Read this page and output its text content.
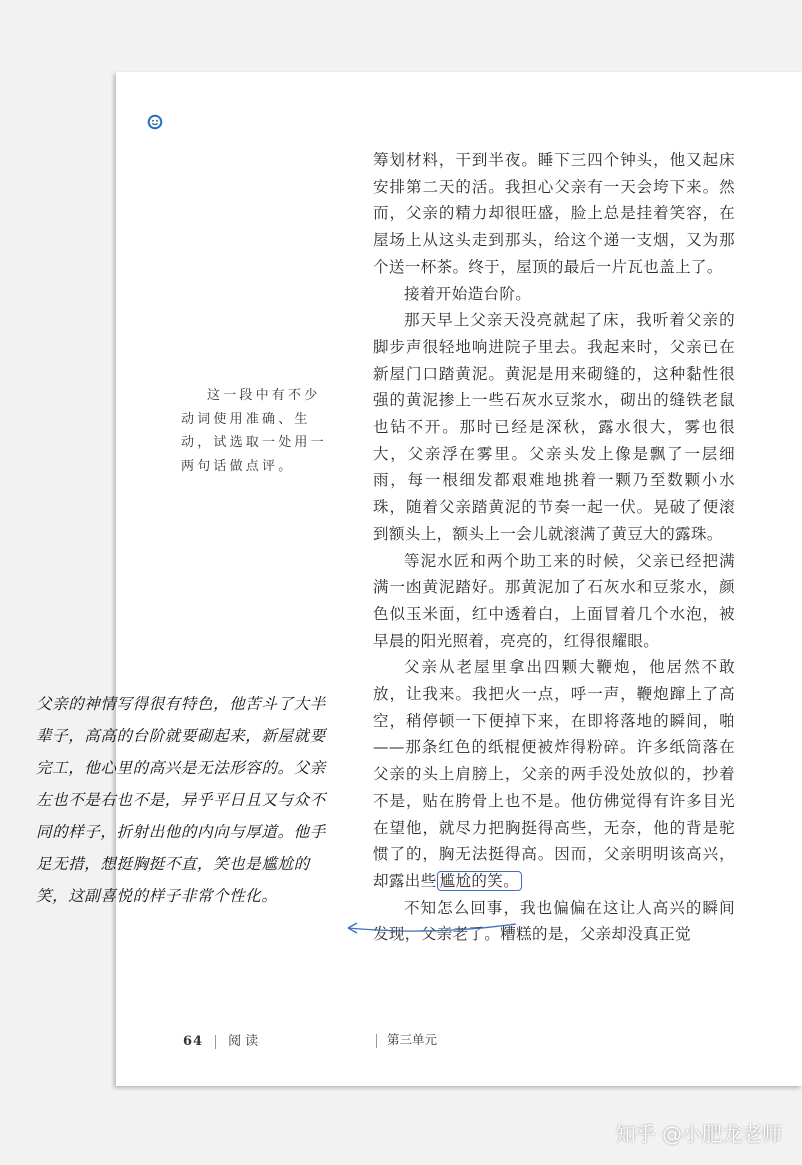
筹划材料，干到半夜。睡下三四个钟头，他又起床安排第二天的活。我担心父亲有一天会垮下来。然而，父亲的精力却很旺盛，脸上总是挂着笑容，在屋场上从这头走到那头，给这个递一支烟，又为那个送一杯茶。终于，屋顶的最后一片瓦也盖上了。

接着开始造台阶。

那天早上父亲天没亮就起了床，我听着父亲的脚步声很轻地响进院子里去。我起来时，父亲已在新屋门口踏黄泥。黄泥是用来砌缝的，这种黏性很强的黄泥掺上一些石灰水豆浆水，砌出的缝铁老鼠也钻不开。那时已经是深秋，露水很大，雾也很大，父亲浮在雾里。父亲头发上像是飘了一层细雨，每一根细发都艰难地挑着一颗乃至数颗小水珠，随着父亲踏黄泥的节奏一起一伏。晃破了便滚到额头上，额头上一会儿就滚满了黄豆大的露珠。

等泥水匠和两个助工来的时候，父亲已经把满满一凼黄泥踏好。那黄泥加了石灰水和豆浆水，颜色似玉米面，红中透着白，上面冒着几个水泡，被早晨的阳光照着，亮亮的，红得很耀眼。

父亲从老屋里拿出四颗大鞭炮，他居然不敢放，让我来。我把火一点，呼一声，鞭炮蹿上了高空，稍停顿一下便掉下来，在即将落地的瞬间，啪——那条红色的纸棍便被炸得粉碎。许多纸筒落在父亲的头上肩膀上，父亲的两手没处放似的，抄着不是，贴在胯骨上也不是。他仿佛觉得有许多目光在望他，就尽力把胸挺得高些，无奈，他的背是驼惯了的，胸无法挺得高。因而，父亲明明该高兴，却露出些 尴尬的笑。

不知怎么回事，我也偏偏在这让人高兴的瞬间发现，父亲老了。糟糕的是，父亲却没真正觉

这一段中有不少动词使用准确、生动，试选取一处用一两句话做点评。
父亲的神情写得很有特色，他苦斗了大半辈子，高高的台阶就要砌起来，新屋就要完工，他心里的高兴是无法形容的。父亲左也不是右也不是，异乎平日且又与众不同的样子，折射出他的内向与厚道。他手足无措，想挺胸挺不直，笑也是尴尬的笑，这副喜悦的样子非常个性化。
64 阅读	第三单元
知乎 @小肥龙老师
